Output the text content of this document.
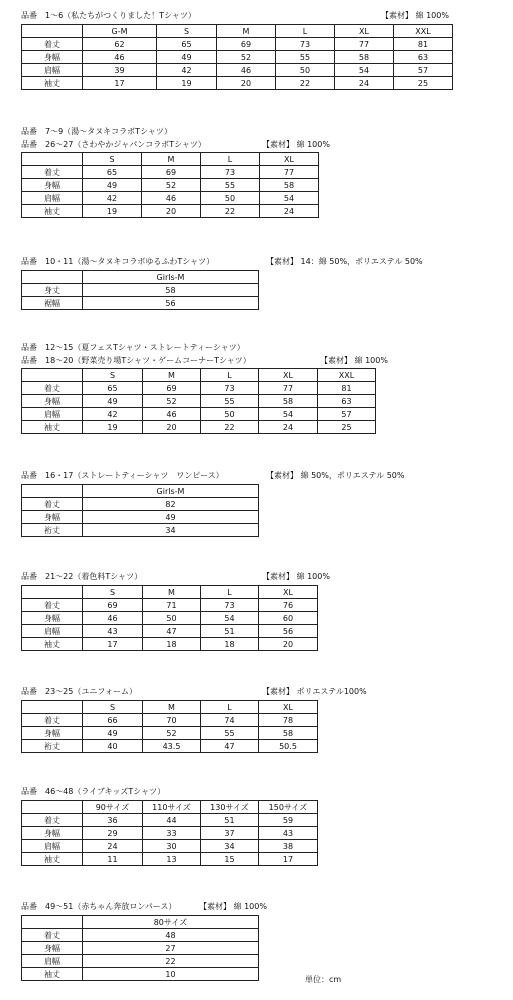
品番　1～6（私たちがつくりました！Tシャツ）	【素材】 綿 100%
	G-M	S	M	L	XL	XXL
着丈	62	65	69	73	77	81
身幅	46	49	52	55	58	63
肩幅	39	42	46	50	54	57
袖丈	17	19	20	22	24	25
品番　7～9（湯～タヌキコラボTシャツ）
品番　26～27（さわやかジャパンコラボTシャツ）	【素材】 綿 100%
	S	M	L	XL
着丈	65	69	73	77
身幅	49	52	55	58
肩幅	42	46	50	54
袖丈	19	20	22	24
品番　10・11（湯～タヌキコラボゆるふわTシャツ）	【素材】 14：綿 50%，ポリエステル 50%
	Girls-M
身丈	58
裾幅	56
品番　12～15（夏フェスTシャツ・ストレートティーシャツ）
品番　18～20（野菜売り場Tシャツ・ゲームコーナーTシャツ）	【素材】 綿 100%
	S	M	L	XL	XXL
着丈	65	69	73	77	81
身幅	49	52	55	58	63
肩幅	42	46	50	54	57
袖丈	19	20	22	24	25
品番　16・17（ストレートティーシャツ　ワンピース）	【素材】 綿 50%，ポリエステル 50%
	Girls-M
着丈	82
身幅	49
裄丈	34
品番　21～22（着色料Tシャツ）	【素材】 綿 100%
	S	M	L	XL
着丈	69	71	73	76
身幅	46	50	54	60
肩幅	43	47	51	56
袖丈	17	18	18	20
品番　23～25（ユニフォーム）	【素材】 ポリエステル100%
	S	M	L	XL
着丈	66	70	74	78
身幅	49	52	55	58
裄丈	40	43.5	47	50.5
品番　46～48（ライブキッズTシャツ）
	90サイズ	110サイズ	130サイズ	150サイズ
着丈	36	44	51	59
身幅	29	33	37	43
肩幅	24	30	34	38
袖丈	11	13	15	17
品番　49～51（赤ちゃん奔放ロンパース）	【素材】 綿 100%
	80サイズ
着丈	48
身幅	27
肩幅	22
袖丈	10
単位：cm
